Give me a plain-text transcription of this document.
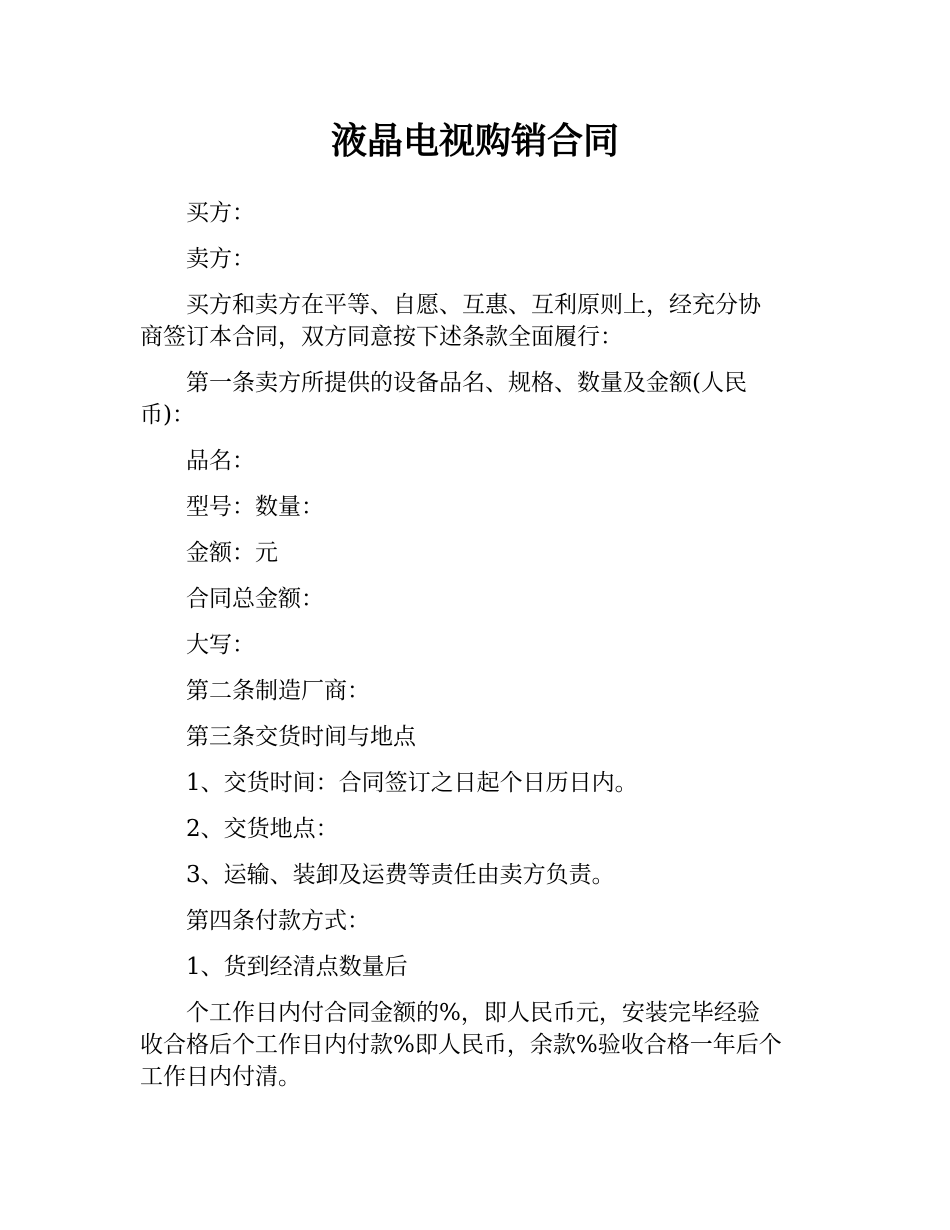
液晶电视购销合同

买方：

卖方：

买方和卖方在平等、自愿、互惠、互利原则上，经充分协
商签订本合同，双方同意按下述条款全面履行：

第一条卖方所提供的设备品名、规格、数量及金额(人民
币)：

品名：

型号：数量：

金额：元

合同总金额：

大写：

第二条制造厂商：

第三条交货时间与地点

1、交货时间：合同签订之日起个日历日内。

2、交货地点：

3、运输、装卸及运费等责任由卖方负责。

第四条付款方式：

1、货到经清点数量后

个工作日内付合同金额的%，即人民币元，安装完毕经验
收合格后个工作日内付款%即人民币，余款%验收合格一年后个
工作日内付清。
